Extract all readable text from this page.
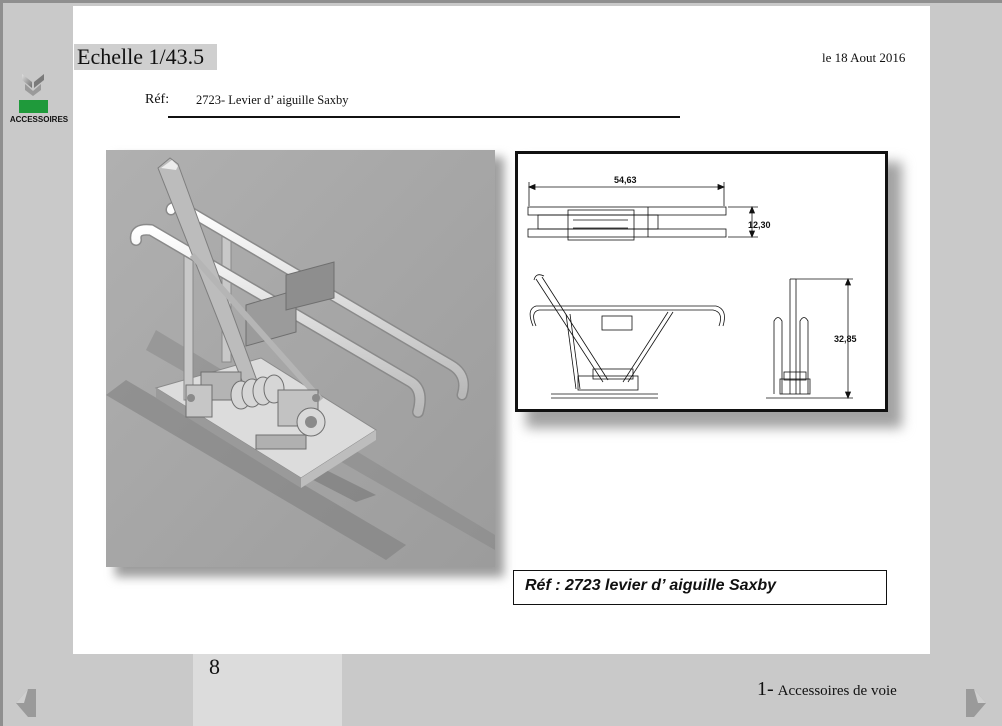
ACCESSOIRES
Echelle 1/43.5	le 18 Aout 2016
Réf: 2723- Levier d’ aiguille Saxby
54,63
12,30
32,85
Réf : 2723 levier d’ aiguille Saxby
8
1- Accessoires de voie
